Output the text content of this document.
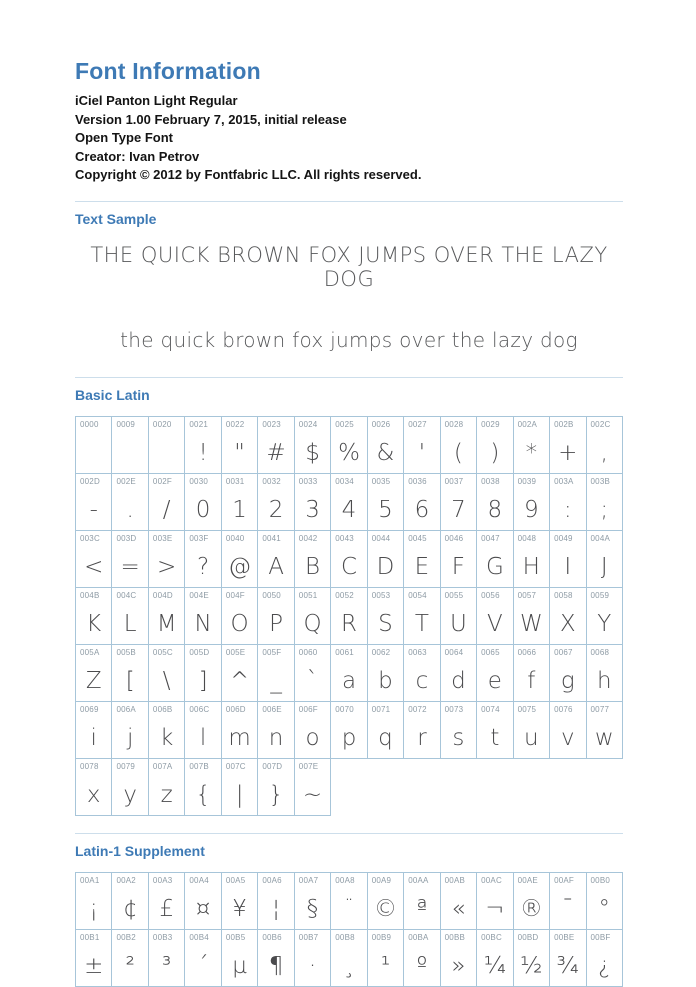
Font Information
iCiel Panton Light Regular
Version 1.00 February 7, 2015, initial release
Open Type Font
Creator: Ivan Petrov
Copyright © 2012 by Fontfabric LLC. All rights reserved.
Text Sample
THE QUICK BROWN FOX JUMPS OVER THE LAZY DOG
the quick brown fox jumps over the lazy dog
Basic Latin
0000 0009 0020 0021
!
0022
"
0023
#
0024
$
0025
%
0026
&
0027
'
0028
(
0029
)
002A
*
002B
+
002C
,
002D
-
002E
.
002F
/
0030
0
0031
1
0032
2
0033
3
0034
4
0035
5
0036
6
0037
7
0038
8
0039
9
003A
:
003B
;
003C
<
003D
=
003E
>
003F
?
0040
@
0041
A
0042
B
0043
C
0044
D
0045
E
0046
F
0047
G
0048
H
0049
I
004A
J
004B
K
004C
L
004D
M
004E
N
004F
O
0050
P
0051
Q
0052
R
0053
S
0054
T
0055
U
0056
V
0057
W
0058
X
0059
Y
005A
Z
005B
[
005C
\
005D
]
005E
^
005F
_
0060
`
0061
a
0062
b
0063
c
0064
d
0065
e
0066
f
0067
g
0068
h
0069
i
006A
j
006B
k
006C
l
006D
m
006E
n
006F
o
0070
p
0071
q
0072
r
0073
s
0074
t
0075
u
0076
v
0077
w
0078
x
0079
y
007A
z
007B
{
007C
|
007D
}
007E
~
Latin-1 Supplement
00A1
¡
00A2
¢
00A3
£
00A4
¤
00A5
¥
00A6
¦
00A7
§
00A8
¨
00A9
©
00AA
ª
00AB
«
00AC
¬
00AE
®
00AF
¯
00B0
°
00B1
±
00B2
²
00B3
³
00B4
´
00B5
µ
00B6
¶
00B7
·
00B8
¸
00B9
¹
00BA
º
00BB
»
00BC
¼
00BD
½
00BE
¾
00BF
¿
